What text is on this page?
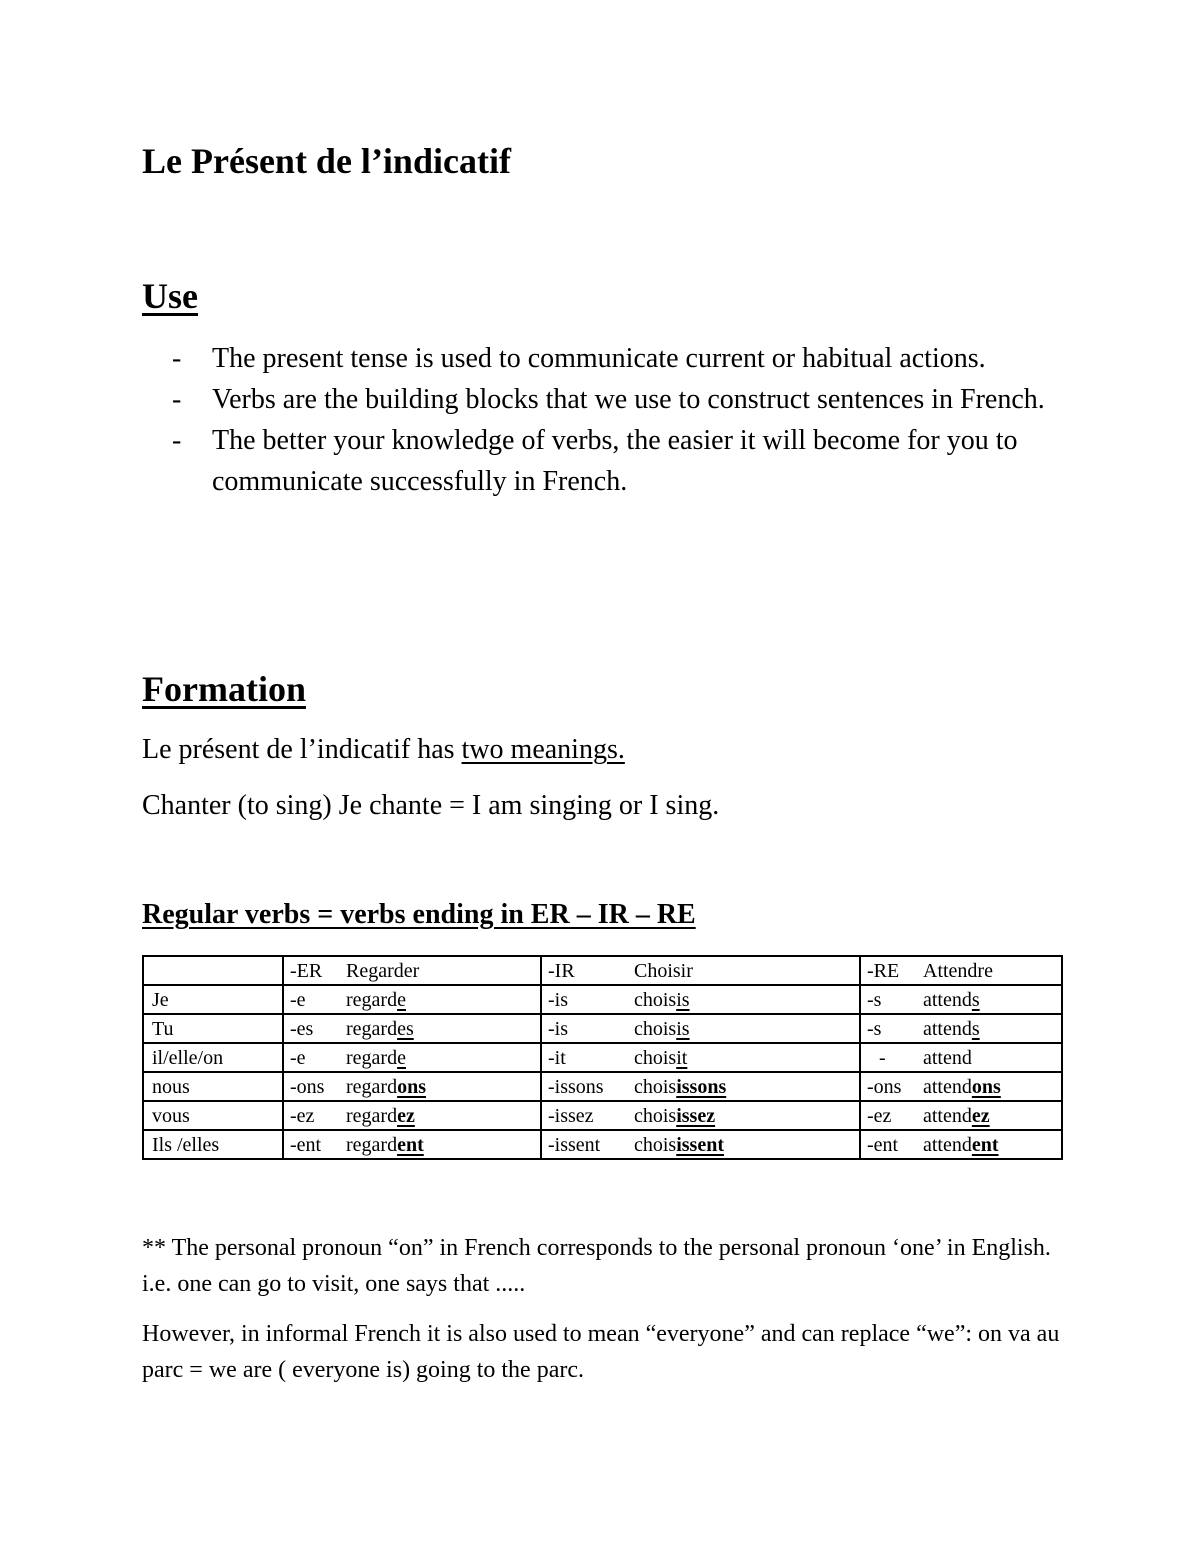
Le Présent de l’indicatif
Use
- The present tense is used to communicate current or habitual actions.
- Verbs are the building blocks that we use to construct sentences in French.
- The better your knowledge of verbs, the easier it will become for you to communicate successfully in French.
Formation

Le présent de l’indicatif has two meanings.

Chanter (to sing) Je chante = I am singing or I sing.

Regular verbs = verbs ending in ER – IR – RE

	-ER Regarder	-IR Choisir	-RE Attendre
Je	-e regarde	-is choisis	-s attends
Tu	-es regardes	-is choisis	-s attends
il/elle/on	-e regarde	-it choisit	- attend
nous	-ons regardons	-issons choisissons	-ons attendons
vous	-ez regardez	-issez choisissez	-ez attendez
Ils /elles	-ent regardent	-issent choisissent	-ent attendent

** The personal pronoun “on” in French corresponds to the personal pronoun ‘one’ in English. i.e. one can go to visit, one says that .....

However, in informal French it is also used to mean “everyone” and can replace “we”: on va au parc = we are ( everyone is) going to the parc.
